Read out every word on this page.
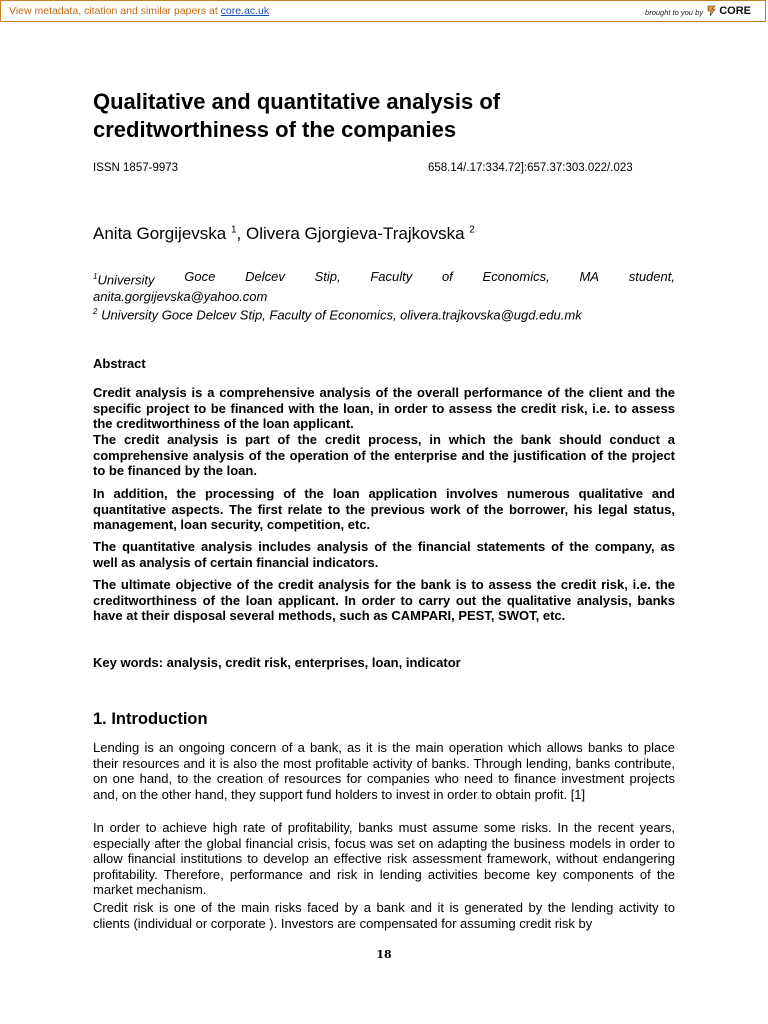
View metadata, citation and similar papers at core.ac.uk	brought to you by CORE
Qualitative and quantitative analysis of
creditworthiness of the companies
ISSN 1857-9973	658.14/.17:334.72]:657.37:303.022/.023
Anita Gorgijevska $^1$, Olivera Gjorgieva-Trajkovska $^2$
$^1$University Goce Delcev Stip, Faculty of Economics, MA student,
anita.gorgijevska@yahoo.com
$^2$ University Goce Delcev Stip, Faculty of Economics, olivera.trajkovska@ugd.edu.mk
Abstract

Credit analysis is a comprehensive analysis of the overall performance of the client and the specific project to be financed with the loan, in order to assess the credit risk, i.e. to assess the creditworthiness of the loan applicant.

The credit analysis is part of the credit process, in which the bank should conduct a comprehensive analysis of the operation of the enterprise and the justification of the project to be financed by the loan.

In addition, the processing of the loan application involves numerous qualitative and quantitative aspects. The first relate to the previous work of the borrower, his legal status, management, loan security, competition, etc.

The quantitative analysis includes analysis of the financial statements of the company, as well as analysis of certain financial indicators.

The ultimate objective of the credit analysis for the bank is to assess the credit risk, i.e. the creditworthiness of the loan applicant. In order to carry out the qualitative analysis, banks have at their disposal several methods, such as CAMPARI, PEST, SWOT, etc.

Key words: analysis, credit risk, enterprises, loan, indicator
1. Introduction

Lending is an ongoing concern of a bank, as it is the main operation which allows banks to place their resources and it is also the most profitable activity of banks. Through lending, banks contribute, on one hand, to the creation of resources for companies who need to finance investment projects and, on the other hand, they support fund holders to invest in order to obtain profit. [1]

In order to achieve high rate of profitability, banks must assume some risks. In the recent years, especially after the global financial crisis, focus was set on adapting the business models in order to allow financial institutions to develop an effective risk assessment framework, without endangering profitability. Therefore, performance and risk in lending activities become key components of the market mechanism.

Credit risk is one of the main risks faced by a bank and it is generated by the lending activity to clients (individual or corporate ). Investors are compensated for assuming credit risk by

18
